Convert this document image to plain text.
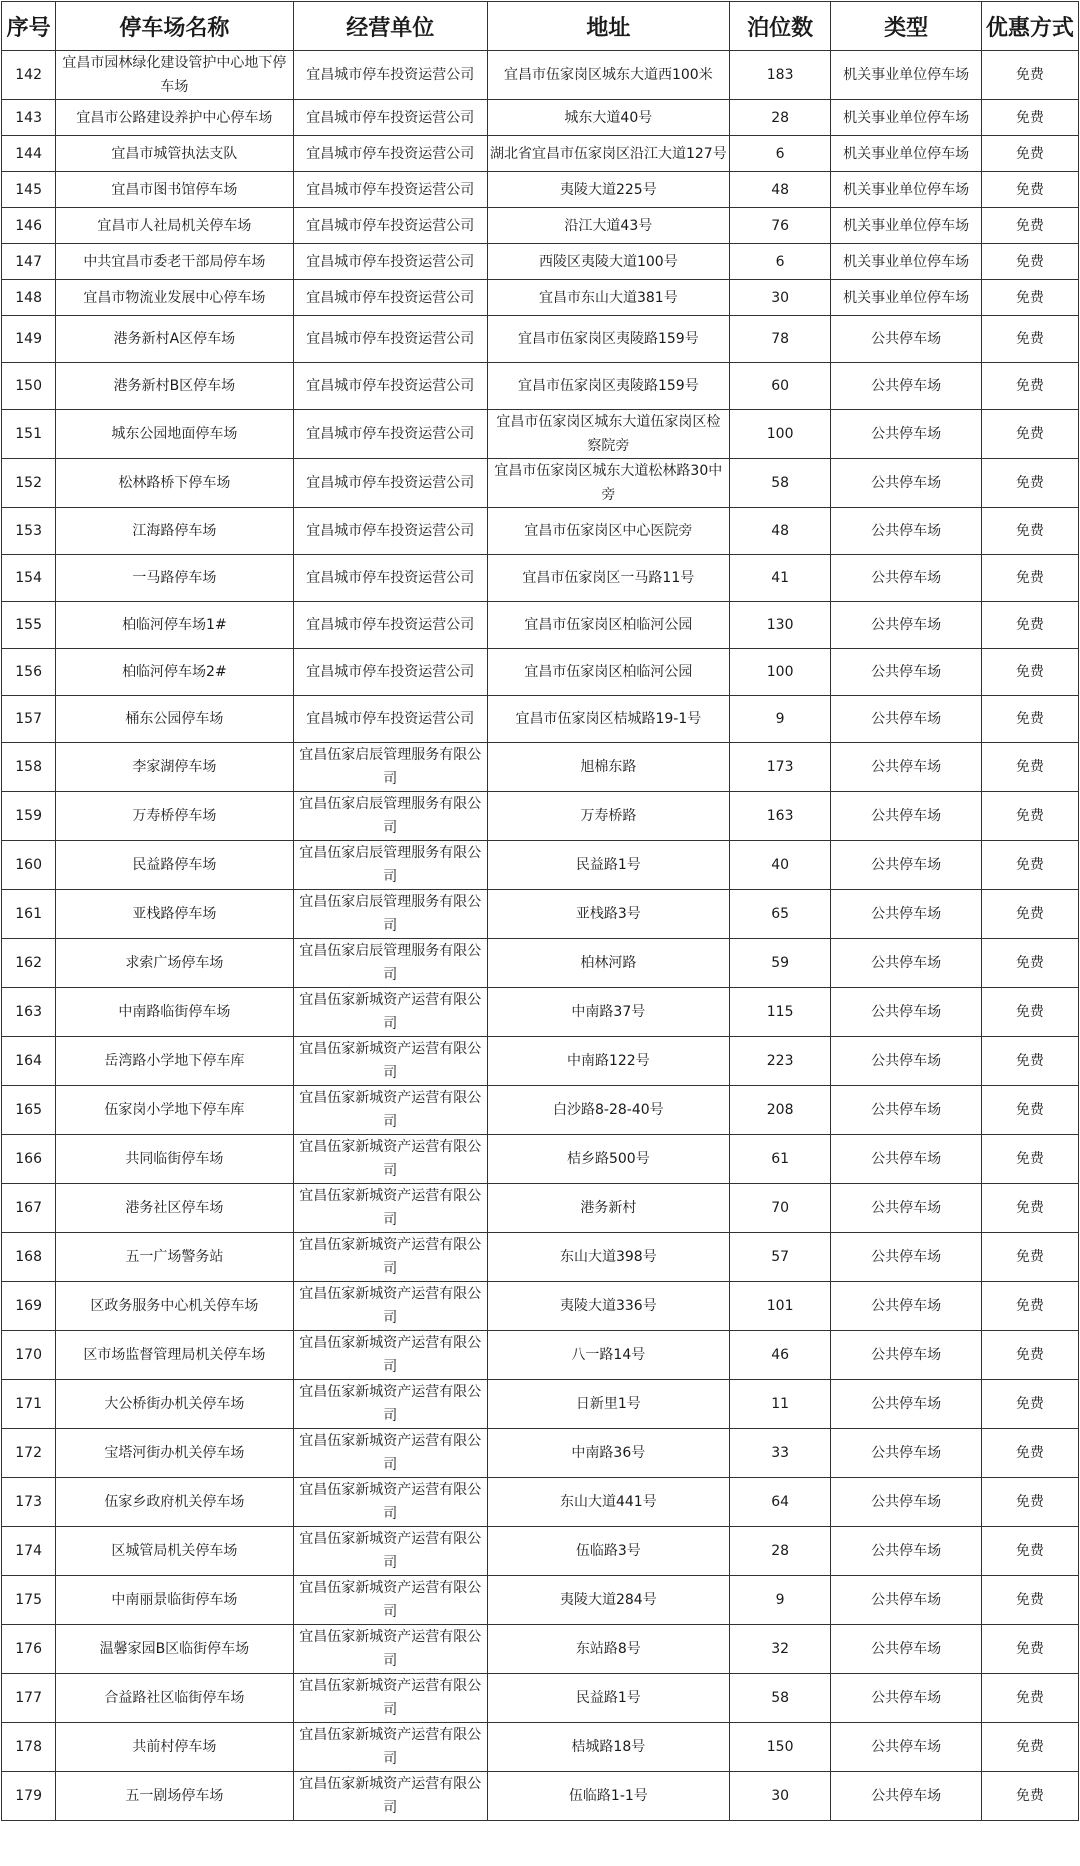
序号	停车场名称	经营单位	地址	泊位数	类型	优惠方式
142	宜昌市园林绿化建设管护中心地下停车场	宜昌城市停车投资运营公司	宜昌市伍家岗区城东大道西100米	183	机关事业单位停车场	免费
143	宜昌市公路建设养护中心停车场	宜昌城市停车投资运营公司	城东大道40号	28	机关事业单位停车场	免费
144	宜昌市城管执法支队	宜昌城市停车投资运营公司	湖北省宜昌市伍家岗区沿江大道127号	6	机关事业单位停车场	免费
145	宜昌市图书馆停车场	宜昌城市停车投资运营公司	夷陵大道225号	48	机关事业单位停车场	免费
146	宜昌市人社局机关停车场	宜昌城市停车投资运营公司	沿江大道43号	76	机关事业单位停车场	免费
147	中共宜昌市委老干部局停车场	宜昌城市停车投资运营公司	西陵区夷陵大道100号	6	机关事业单位停车场	免费
148	宜昌市物流业发展中心停车场	宜昌城市停车投资运营公司	宜昌市东山大道381号	30	机关事业单位停车场	免费
149	港务新村A区停车场	宜昌城市停车投资运营公司	宜昌市伍家岗区夷陵路159号	78	公共停车场	免费
150	港务新村B区停车场	宜昌城市停车投资运营公司	宜昌市伍家岗区夷陵路159号	60	公共停车场	免费
151	城东公园地面停车场	宜昌城市停车投资运营公司	宜昌市伍家岗区城东大道伍家岗区检察院旁	100	公共停车场	免费
152	松林路桥下停车场	宜昌城市停车投资运营公司	宜昌市伍家岗区城东大道松林路30中旁	58	公共停车场	免费
153	江海路停车场	宜昌城市停车投资运营公司	宜昌市伍家岗区中心医院旁	48	公共停车场	免费
154	一马路停车场	宜昌城市停车投资运营公司	宜昌市伍家岗区一马路11号	41	公共停车场	免费
155	柏临河停车场1#	宜昌城市停车投资运营公司	宜昌市伍家岗区柏临河公园	130	公共停车场	免费
156	柏临河停车场2#	宜昌城市停车投资运营公司	宜昌市伍家岗区柏临河公园	100	公共停车场	免费
157	桶东公园停车场	宜昌城市停车投资运营公司	宜昌市伍家岗区桔城路19-1号	9	公共停车场	免费
158	李家湖停车场	宜昌伍家启辰管理服务有限公司	旭棉东路	173	公共停车场	免费
159	万寿桥停车场	宜昌伍家启辰管理服务有限公司	万寿桥路	163	公共停车场	免费
160	民益路停车场	宜昌伍家启辰管理服务有限公司	民益路1号	40	公共停车场	免费
161	亚栈路停车场	宜昌伍家启辰管理服务有限公司	亚栈路3号	65	公共停车场	免费
162	求索广场停车场	宜昌伍家启辰管理服务有限公司	柏林河路	59	公共停车场	免费
163	中南路临街停车场	宜昌伍家新城资产运营有限公司	中南路37号	115	公共停车场	免费
164	岳湾路小学地下停车库	宜昌伍家新城资产运营有限公司	中南路122号	223	公共停车场	免费
165	伍家岗小学地下停车库	宜昌伍家新城资产运营有限公司	白沙路8-28-40号	208	公共停车场	免费
166	共同临街停车场	宜昌伍家新城资产运营有限公司	桔乡路500号	61	公共停车场	免费
167	港务社区停车场	宜昌伍家新城资产运营有限公司	港务新村	70	公共停车场	免费
168	五一广场警务站	宜昌伍家新城资产运营有限公司	东山大道398号	57	公共停车场	免费
169	区政务服务中心机关停车场	宜昌伍家新城资产运营有限公司	夷陵大道336号	101	公共停车场	免费
170	区市场监督管理局机关停车场	宜昌伍家新城资产运营有限公司	八一路14号	46	公共停车场	免费
171	大公桥街办机关停车场	宜昌伍家新城资产运营有限公司	日新里1号	11	公共停车场	免费
172	宝塔河街办机关停车场	宜昌伍家新城资产运营有限公司	中南路36号	33	公共停车场	免费
173	伍家乡政府机关停车场	宜昌伍家新城资产运营有限公司	东山大道441号	64	公共停车场	免费
174	区城管局机关停车场	宜昌伍家新城资产运营有限公司	伍临路3号	28	公共停车场	免费
175	中南丽景临街停车场	宜昌伍家新城资产运营有限公司	夷陵大道284号	9	公共停车场	免费
176	温馨家园B区临街停车场	宜昌伍家新城资产运营有限公司	东站路8号	32	公共停车场	免费
177	合益路社区临街停车场	宜昌伍家新城资产运营有限公司	民益路1号	58	公共停车场	免费
178	共前村停车场	宜昌伍家新城资产运营有限公司	桔城路18号	150	公共停车场	免费
179	五一剧场停车场	宜昌伍家新城资产运营有限公司	伍临路1-1号	30	公共停车场	免费
